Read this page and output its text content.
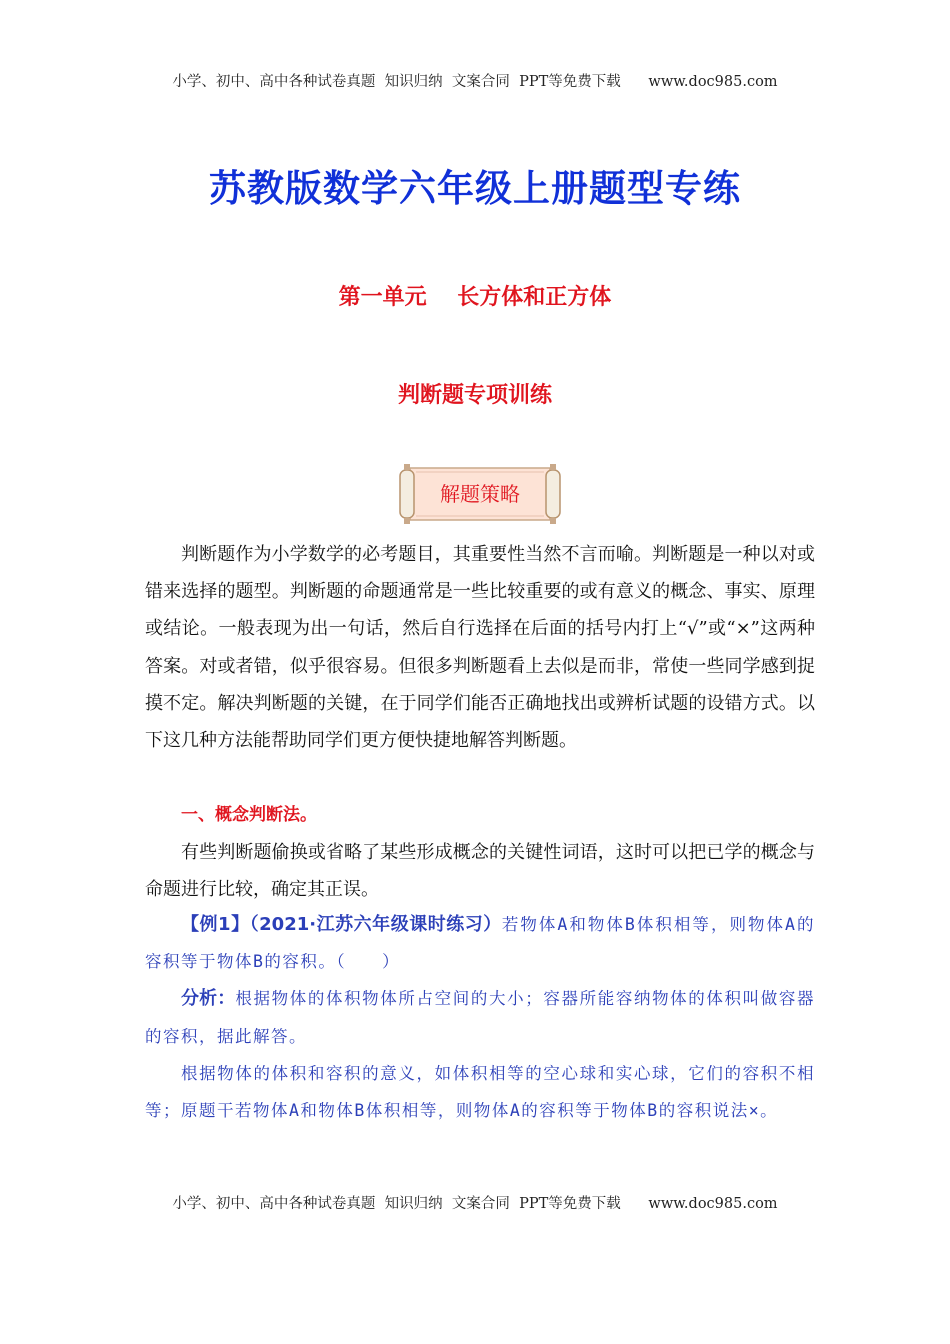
小学、初中、高中各种试卷真题  知识归纳  文案合同  PPT等免费下载      www.doc985.com
苏教版数学六年级上册题型专练
第一单元    长方体和正方体
判断题专项训练
解题策略

判断题作为小学数学的必考题目，其重要性当然不言而喻。判断题是一种以对或错来选择的题型。判断题的命题通常是一些比较重要的或有意义的概念、事实、原理或结论。一般表现为出一句话，然后自行选择在后面的括号内打上“√”或“×”这两种答案。对或者错，似乎很容易。但很多判断题看上去似是而非，常使一些同学感到捉摸不定。解决判断题的关键，在于同学们能否正确地找出或辨析试题的设错方式。以下这几种方法能帮助同学们更方便快捷地解答判断题。

一、概念判断法。

有些判断题偷换或省略了某些形成概念的关键性词语，这时可以把已学的概念与命题进行比较，确定其正误。

【例1】（2021·江苏六年级课时练习）若物体A和物体B体积相等，则物体A的容积等于物体B的容积。（　　）

分析：根据物体的体积物体所占空间的大小；容器所能容纳物体的体积叫做容器的容积，据此解答。

根据物体的体积和容积的意义，如体积相等的空心球和实心球，它们的容积不相等；原题干若物体A和物体B体积相等，则物体A的容积等于物体B的容积说法×。

小学、初中、高中各种试卷真题  知识归纳  文案合同  PPT等免费下载      www.doc985.com
